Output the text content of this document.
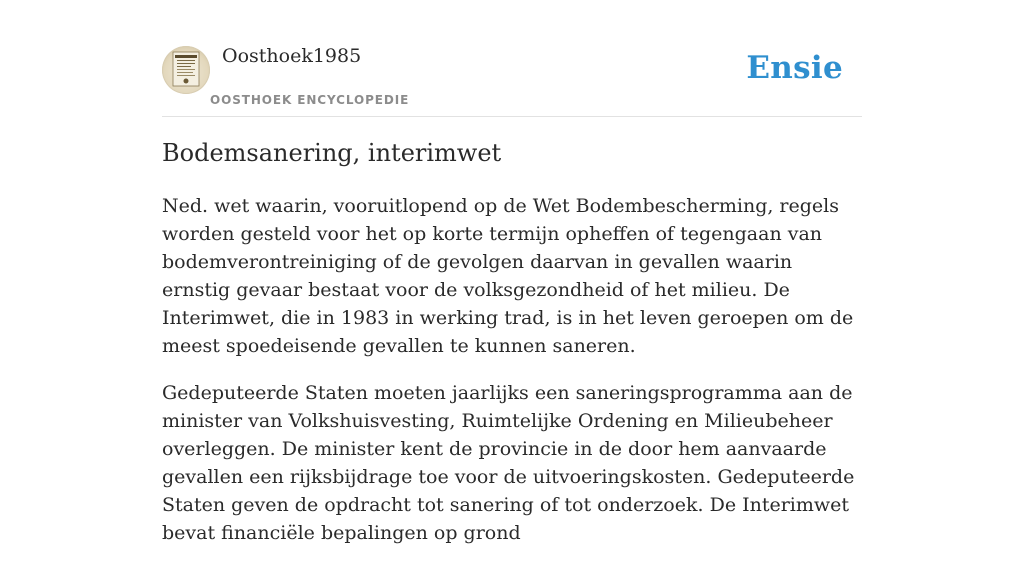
Oosthoek1985
OOSTHOEK ENCYCLOPEDIE
Ensie
Bodemsanering, interimwet

Ned. wet waarin, vooruitlopend op de Wet Bodembescherming, regels worden gesteld voor het op korte termijn opheffen of tegengaan van bodemverontreiniging of de gevolgen daarvan in gevallen waarin ernstig gevaar bestaat voor de volksgezondheid of het milieu. De Interimwet, die in 1983 in werking trad, is in het leven geroepen om de meest spoedeisende gevallen te kunnen saneren.

Gedeputeerde Staten moeten jaarlijks een saneringsprogramma aan de minister van Volkshuisvesting, Ruimtelijke Ordening en Milieubeheer overleggen. De minister kent de provincie in de door hem aanvaarde gevallen een rijksbijdrage toe voor de uitvoeringskosten. Gedeputeerde Staten geven de opdracht tot sanering of tot onderzoek. De Interimwet bevat financiële bepalingen op grond
